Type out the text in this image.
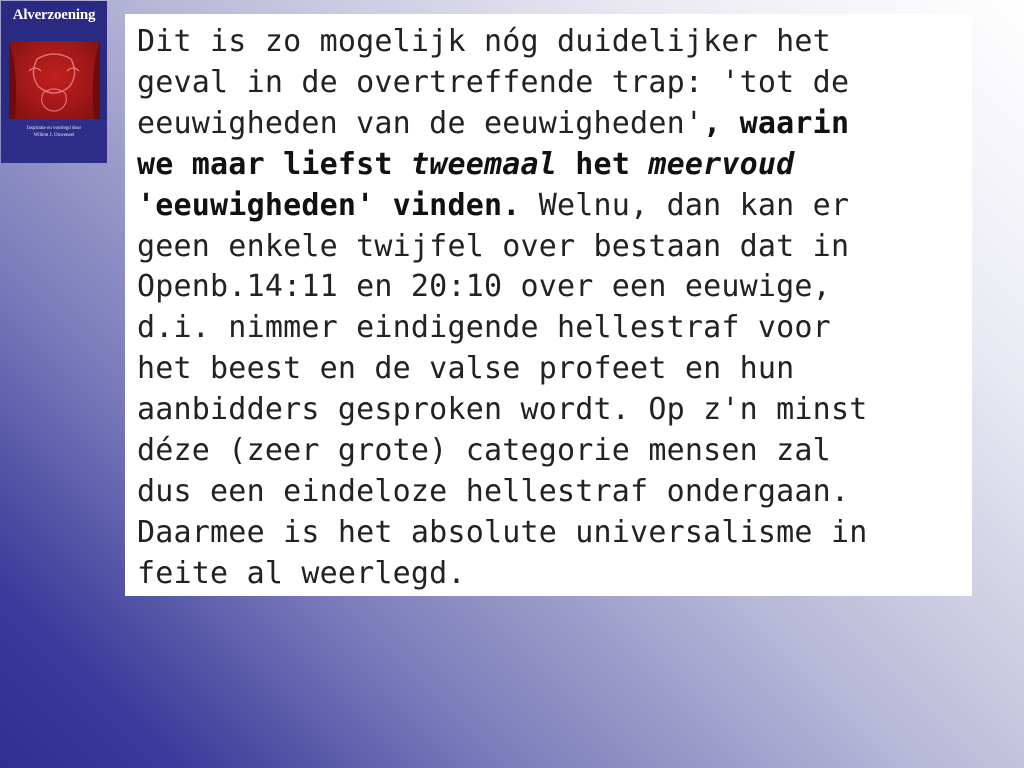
Alverzoening
Inspiratie en voorlegd door
Willem J. Ouweneel
Dit is zo mogelijk nóg duidelijker het
geval in de overtreffende trap: 'tot de
eeuwigheden van de eeuwigheden', waarin
we maar liefst tweemaal het meervoud
'eeuwigheden' vinden. Welnu, dan kan er
geen enkele twijfel over bestaan dat in
Openb.14:11 en 20:10 over een eeuwige,
d.i. nimmer eindigende hellestraf voor
het beest en de valse profeet en hun
aanbidders gesproken wordt. Op z'n minst
déze (zeer grote) categorie mensen zal
dus een eindeloze hellestraf ondergaan.
Daarmee is het absolute universalisme in
feite al weerlegd.
